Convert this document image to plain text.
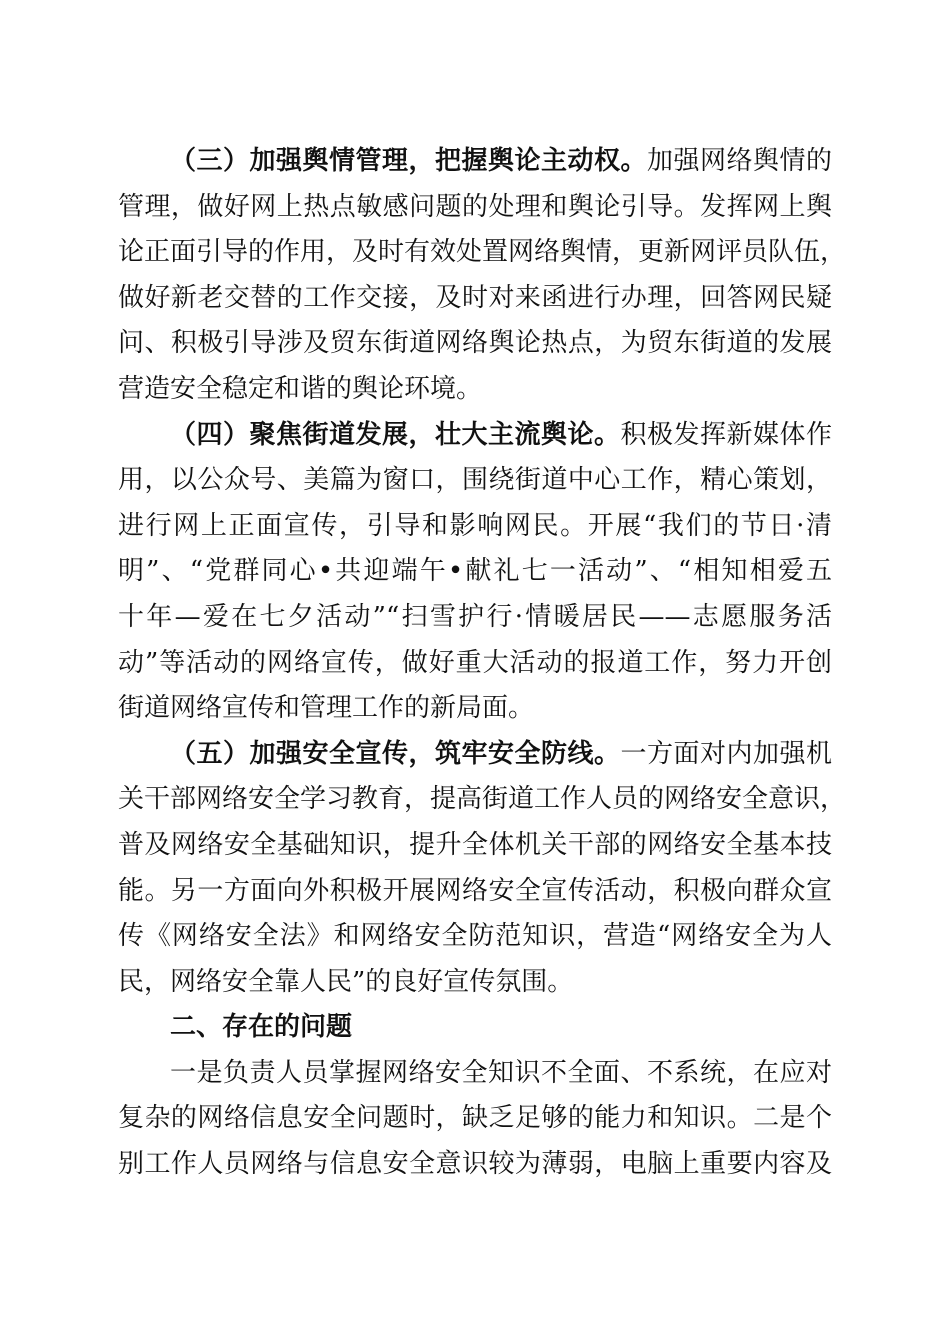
（三）加强舆情管理，把握舆论主动权。加强网络舆情的
管理，做好网上热点敏感问题的处理和舆论引导。发挥网上舆
论正面引导的作用，及时有效处置网络舆情，更新网评员队伍，
做好新老交替的工作交接，及时对来函进行办理，回答网民疑
问、积极引导涉及贸东街道网络舆论热点，为贸东街道的发展
营造安全稳定和谐的舆论环境。
（四）聚焦街道发展，壮大主流舆论。积极发挥新媒体作
用，以公众号、美篇为窗口，围绕街道中心工作，精心策划，
进行网上正面宣传，引导和影响网民。开展“我们的节日·清
明”、“党群同心•共迎端午•献礼七一活动”、“相知相爱五
十年—爱在七夕活动”“扫雪护行·情暖居民——志愿服务活
动”等活动的网络宣传，做好重大活动的报道工作，努力开创
街道网络宣传和管理工作的新局面。
（五）加强安全宣传，筑牢安全防线。一方面对内加强机
关干部网络安全学习教育，提高街道工作人员的网络安全意识，
普及网络安全基础知识，提升全体机关干部的网络安全基本技
能。另一方面向外积极开展网络安全宣传活动，积极向群众宣
传《网络安全法》和网络安全防范知识，营造“网络安全为人
民，网络安全靠人民”的良好宣传氛围。
二、存在的问题
一是负责人员掌握网络安全知识不全面、不系统，在应对
复杂的网络信息安全问题时，缺乏足够的能力和知识。二是个
别工作人员网络与信息安全意识较为薄弱，电脑上重要内容及
